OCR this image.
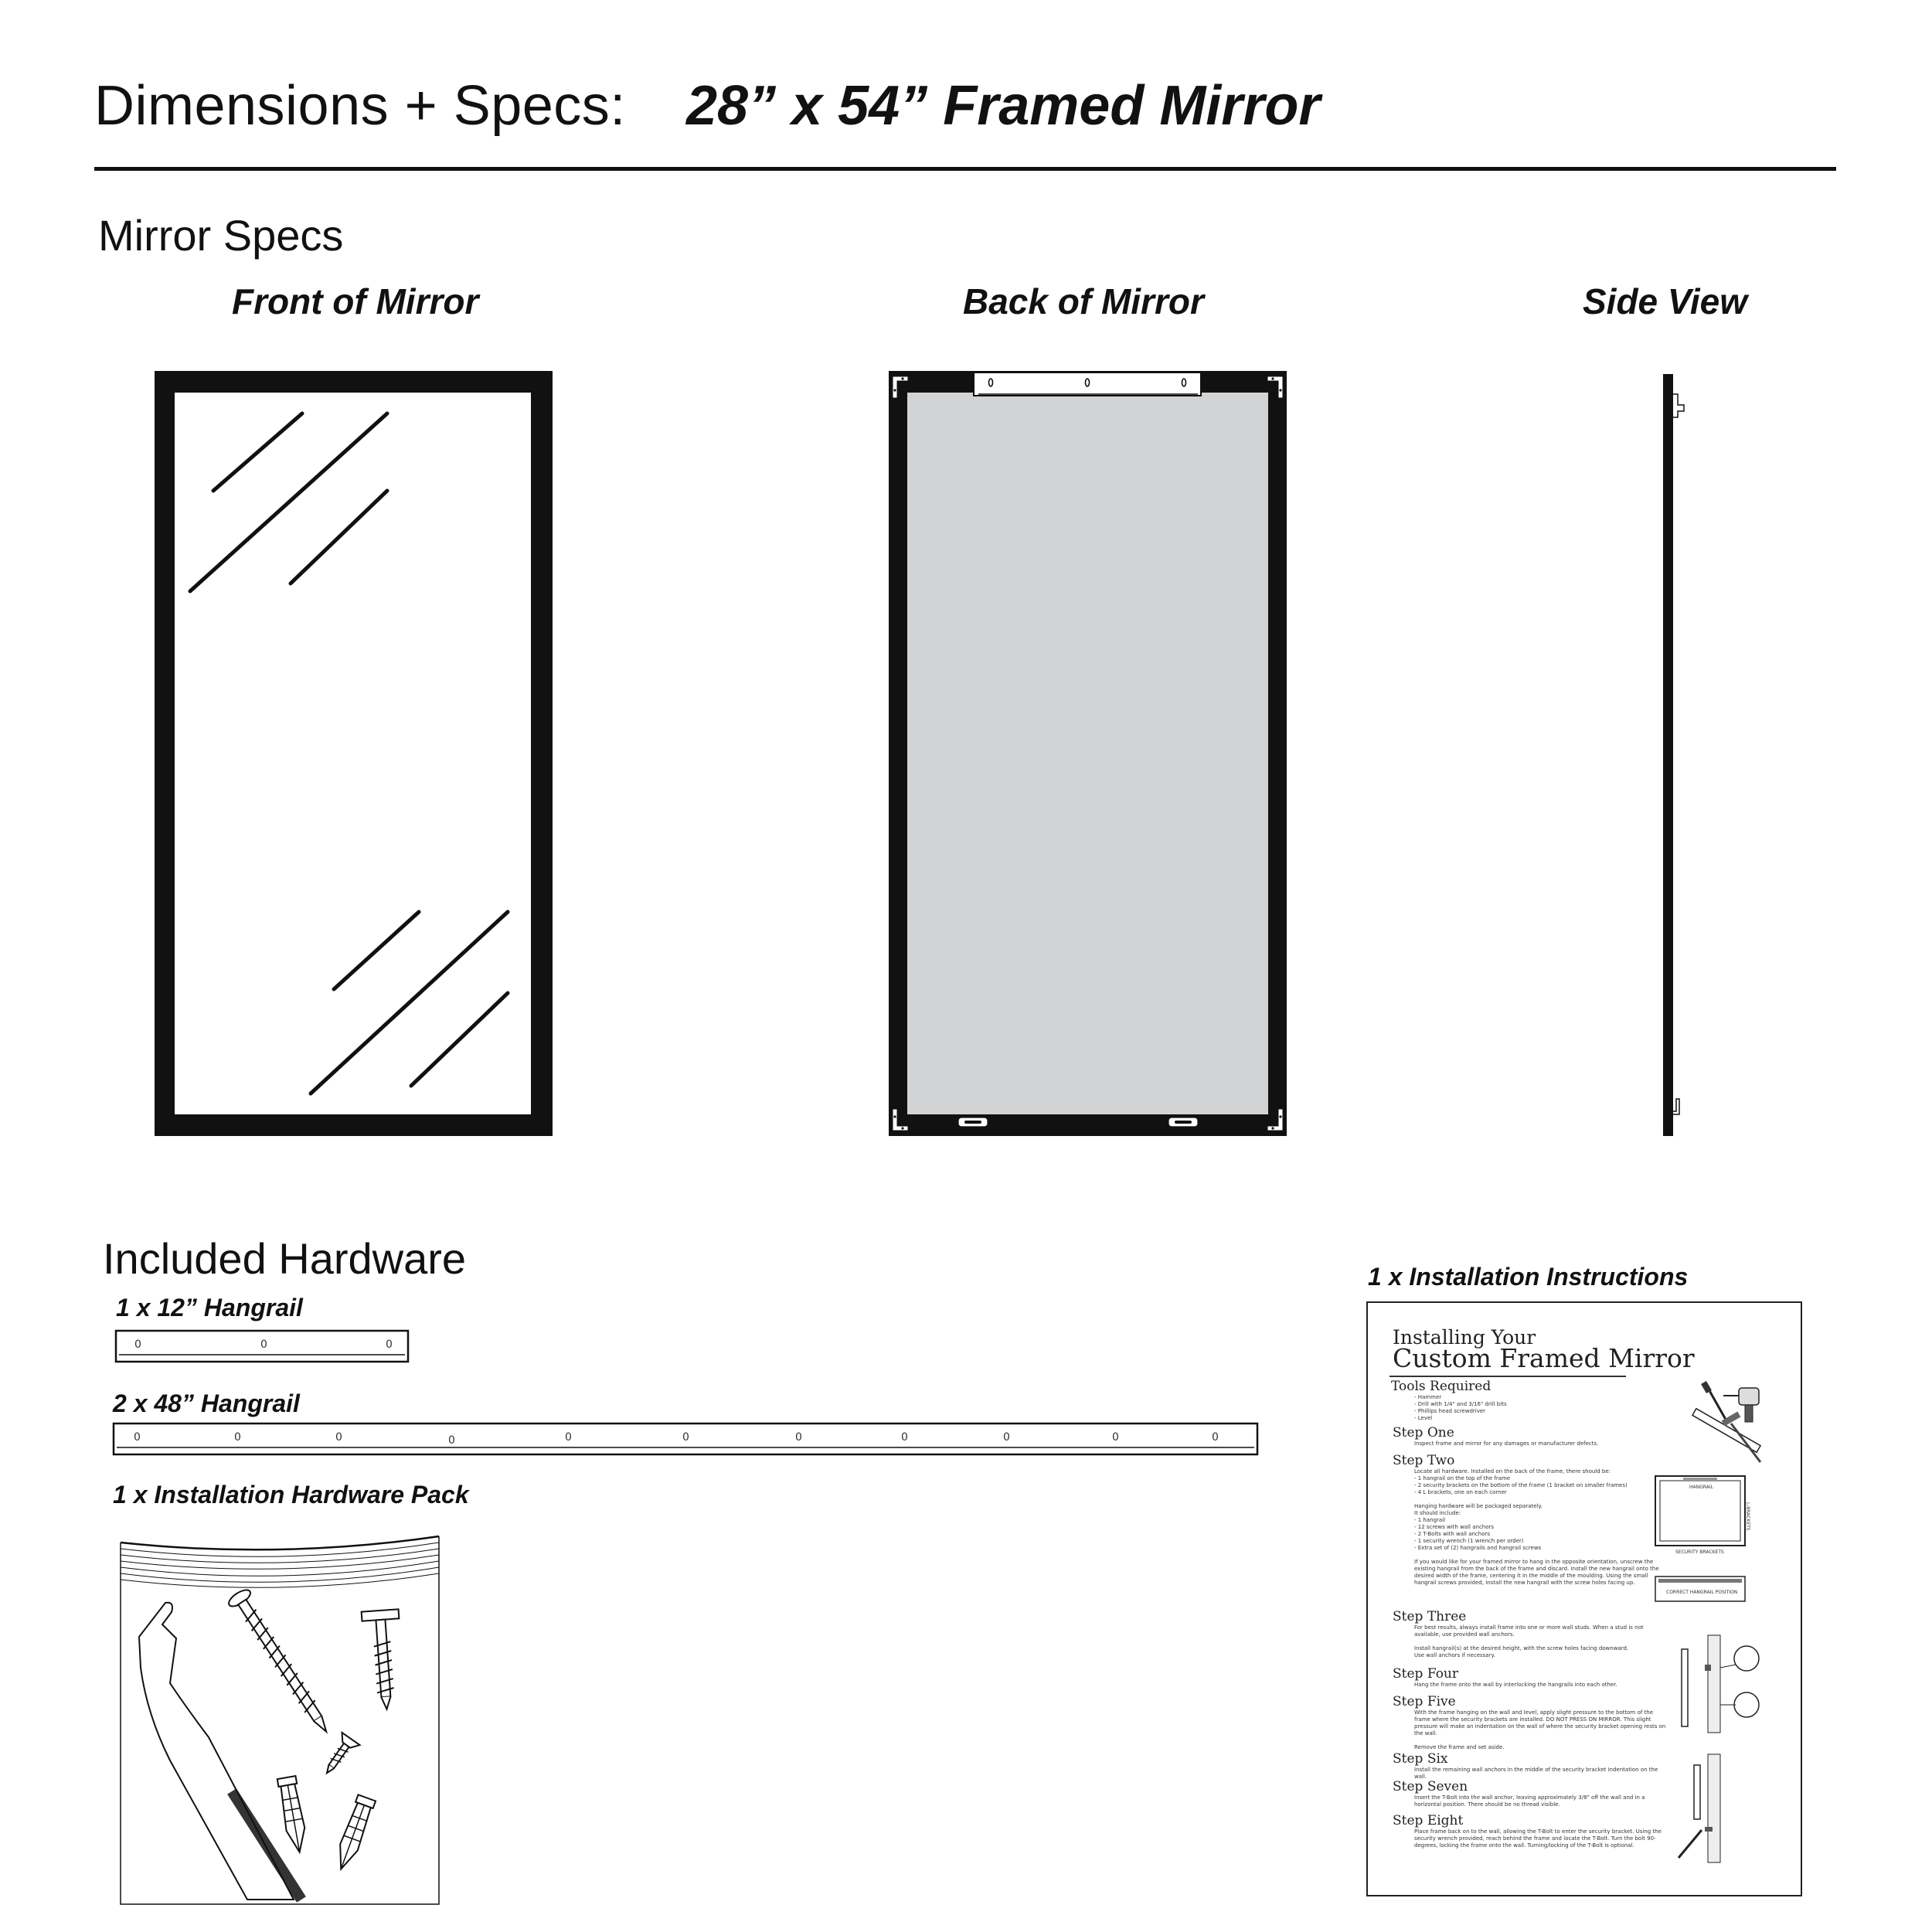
Dimensions + Specs: 28” x 54” Framed Mirror
Mirror Specs
Front of Mirror	Back of Mirror	Side View
Included Hardware
1 x 12” Hangrail
0	0	0
2 x 48” Hangrail
0	0	0	0	0	0	0	0	0	0	0
1 x Installation Hardware Pack
1 x Installation Instructions
Installing Your
Custom Framed Mirror
Tools Required
- Hammer
- Drill with 1/4" and 3/16" drill bits
- Phillips head screwdriver
- Level
Step One
Inspect frame and mirror for any damages or manufacturer defects.
Step Two
Locate all hardware. Installed on the back of the frame, there should be:
- 1 hangrail on the top of the frame
- 2 security brackets on the bottom of the frame (1 bracket on smaller frames)
- 4 L brackets, one on each corner

Hanging hardware will be packaged separately.
It should include:
- 1 hangrail
- 12 screws with wall anchors
- 2 T-Bolts with wall anchors
- 1 security wrench (1 wrench per order)
- Extra set of (2) hangrails and hangrail screws

If you would like for your framed mirror to hang in the opposite orientation, unscrew the existing hangrail from the back of the frame and discard. Install the new hangrail onto the desired width of the frame, centering it in the middle of the moulding. Using the small hangrail screws provided, install the new hangrail with the screw holes facing up.
Step Three
For best results, always install frame into one or more wall studs. When a stud is not available, use provided wall anchors.

Install hangrail(s) at the desired height, with the screw holes facing downward.
Use wall anchors if necessary.
Step Four
Hang the frame onto the wall by interlocking the hangrails into each other.
Step Five
With the frame hanging on the wall and level, apply slight pressure to the bottom of the frame where the security brackets are installed. DO NOT PRESS ON MIRROR. This slight pressure will make an indentation on the wall of where the security bracket opening rests on the wall.

Remove the frame and set aside.
Step Six
Install the remaining wall anchors in the middle of the security bracket indentation on the wall.
Step Seven
Insert the T-Bolt into the wall anchor, leaving approximately 3/8" off the wall and in a horizontal position. There should be no thread visible.
Step Eight
Place frame back on to the wall, allowing the T-Bolt to enter the security bracket. Using the security wrench provided, reach behind the frame and locate the T-Bolt. Turn the bolt 90-degrees, locking the frame onto the wall. Turning/locking of the T-Bolt is optional.
HANGRAIL
L-BRACKETS
SECURITY BRACKETS
CORRECT HANGRAIL POSITION
